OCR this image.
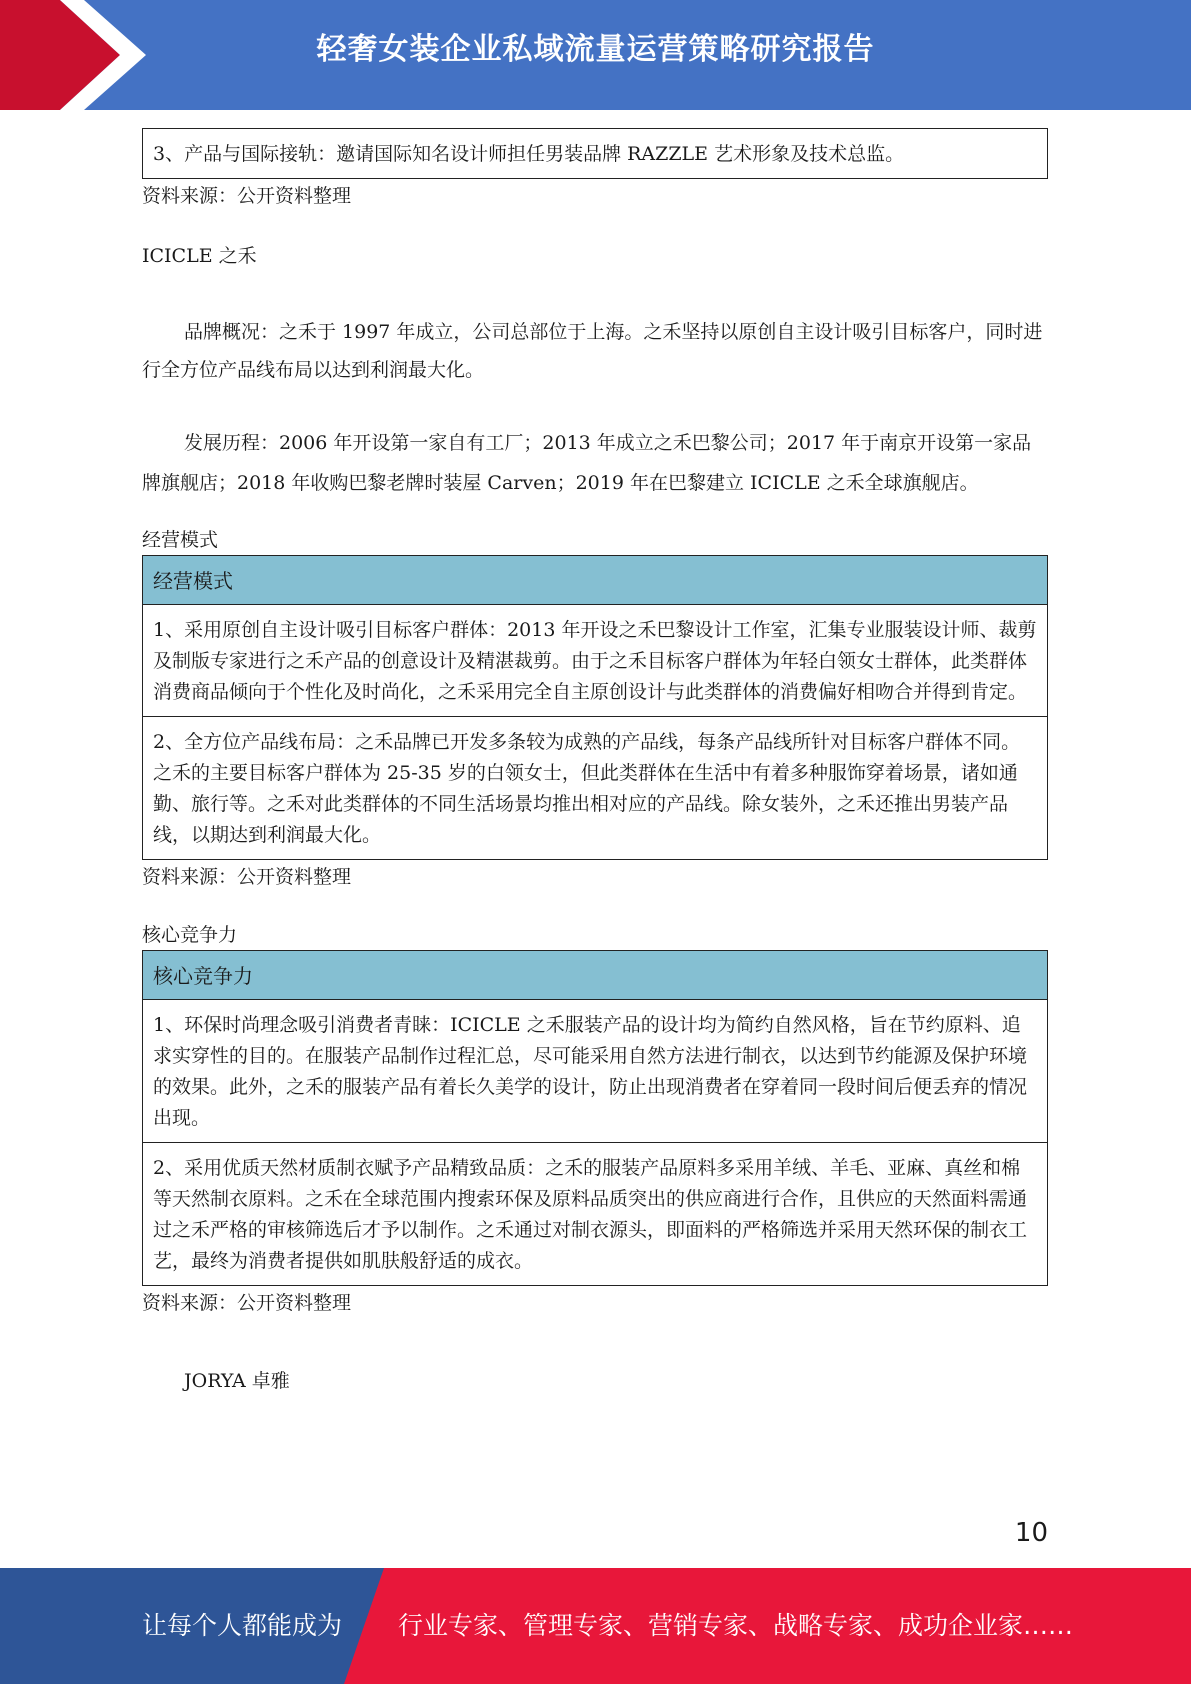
轻奢女装企业私域流量运营策略研究报告
3、产品与国际接轨：邀请国际知名设计师担任男装品牌 RAZZLE 艺术形象及技术总监。
资料来源：公开资料整理
ICICLE 之禾
品牌概况：之禾于 1997 年成立，公司总部位于上海。之禾坚持以原创自主设计吸引目标客户，同时进行全方位产品线布局以达到利润最大化。
发展历程：2006 年开设第一家自有工厂；2013 年成立之禾巴黎公司；2017 年于南京开设第一家品牌旗舰店；2018 年收购巴黎老牌时装屋 Carven；2019 年在巴黎建立 ICICLE 之禾全球旗舰店。
经营模式
经营模式
1、采用原创自主设计吸引目标客户群体：2013 年开设之禾巴黎设计工作室，汇集专业服装设计师、裁剪及制版专家进行之禾产品的创意设计及精湛裁剪。由于之禾目标客户群体为年轻白领女士群体，此类群体消费商品倾向于个性化及时尚化，之禾采用完全自主原创设计与此类群体的消费偏好相吻合并得到肯定。
2、全方位产品线布局：之禾品牌已开发多条较为成熟的产品线，每条产品线所针对目标客户群体不同。之禾的主要目标客户群体为 25-35 岁的白领女士，但此类群体在生活中有着多种服饰穿着场景，诸如通勤、旅行等。之禾对此类群体的不同生活场景均推出相对应的产品线。除女装外，之禾还推出男装产品线，以期达到利润最大化。
资料来源：公开资料整理
核心竞争力
核心竞争力
1、环保时尚理念吸引消费者青睐：ICICLE 之禾服装产品的设计均为简约自然风格，旨在节约原料、追求实穿性的目的。在服装产品制作过程汇总，尽可能采用自然方法进行制衣，以达到节约能源及保护环境的效果。此外，之禾的服装产品有着长久美学的设计，防止出现消费者在穿着同一段时间后便丢弃的情况出现。
2、采用优质天然材质制衣赋予产品精致品质：之禾的服装产品原料多采用羊绒、羊毛、亚麻、真丝和棉等天然制衣原料。之禾在全球范围内搜索环保及原料品质突出的供应商进行合作，且供应的天然面料需通过之禾严格的审核筛选后才予以制作。之禾通过对制衣源头，即面料的严格筛选并采用天然环保的制衣工艺，最终为消费者提供如肌肤般舒适的成衣。
资料来源：公开资料整理
JORYA 卓雅
10
让每个人都能成为 行业专家、管理专家、营销专家、战略专家、成功企业家……
